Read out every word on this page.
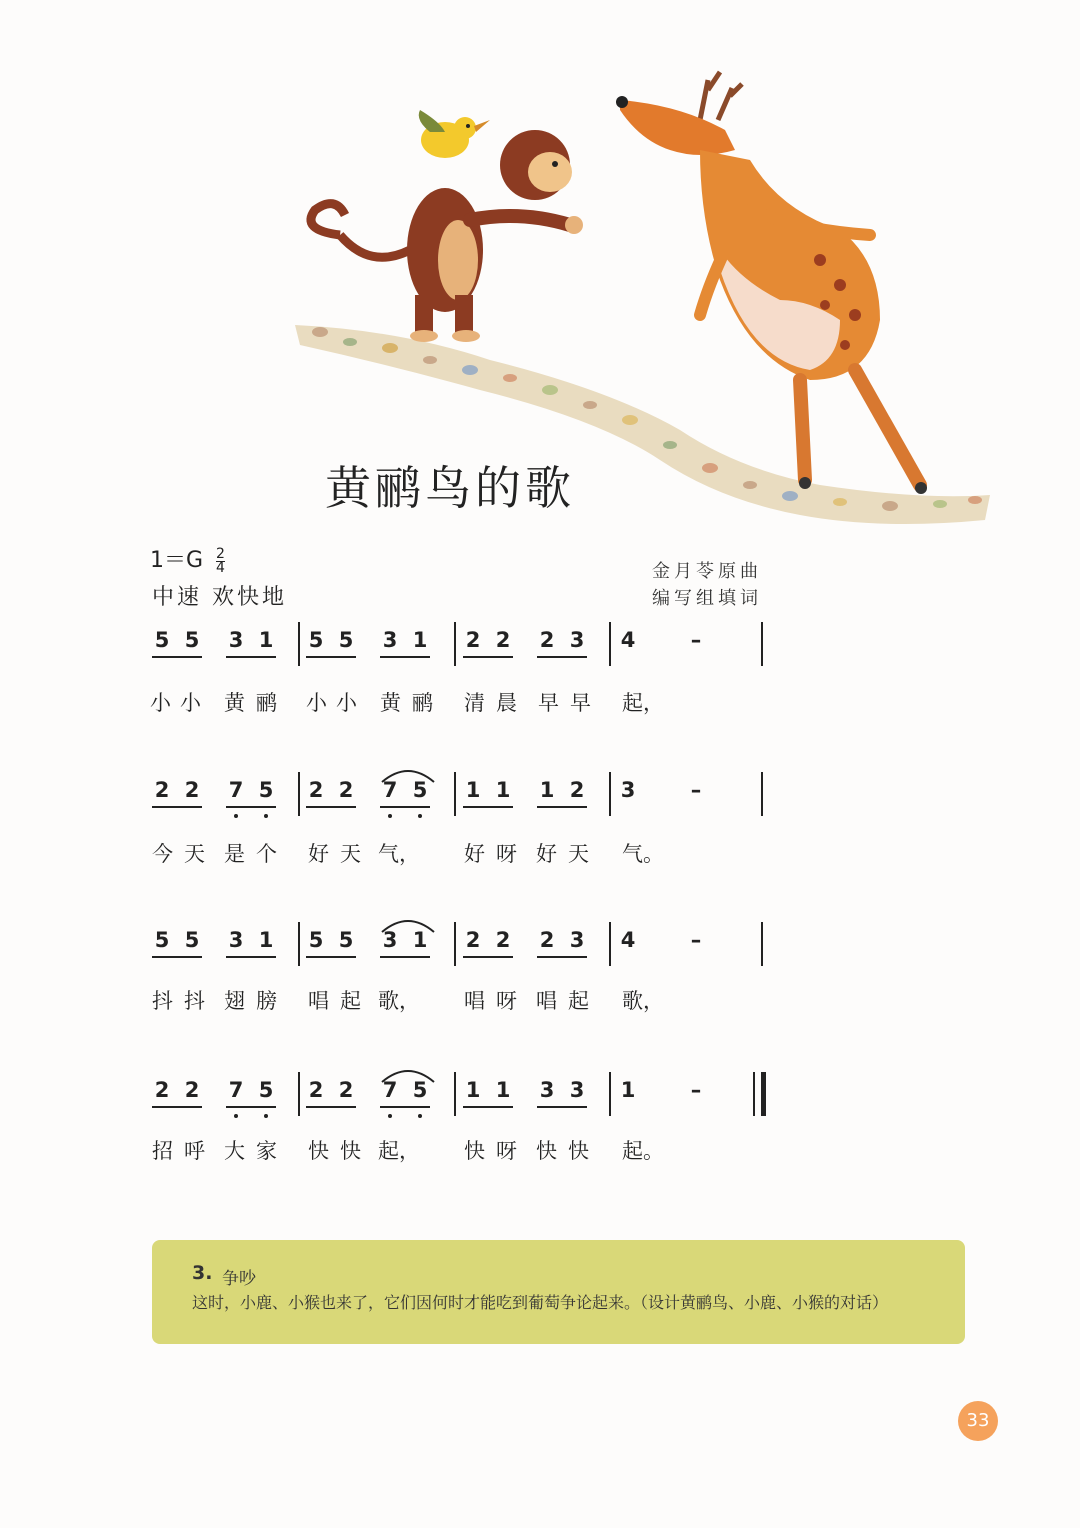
黄鹂鸟的歌
$1=G \frac{2}{4}$
中速 欢快地
金月苓原曲
编写组填词
5 5 3 1 5 5 3 1 2 2 2 3 4	–
小 小 黄 鹂 小 小 黄 鹂 清 晨 早 早 起，
2 2 7 5 2 2 7 5 1 1 1 2 3	–
今 天 是 个 好 天 气， 好 呀 好 天 气。
5 5 3 1 5 5 3 1 2 2 2 3 4	–
抖 抖 翅 膀 唱 起 歌， 唱 呀 唱 起 歌，
2 2 7 5 2 2 7 5 1 1 3 3 1	–
招 呼 大 家 快 快 起， 快 呀 快 快 起。
3. 争吵
这时，小鹿、小猴也来了，它们因何时才能吃到葡萄争论起来。（设计黄鹂鸟、小鹿、小猴的对话）
33
